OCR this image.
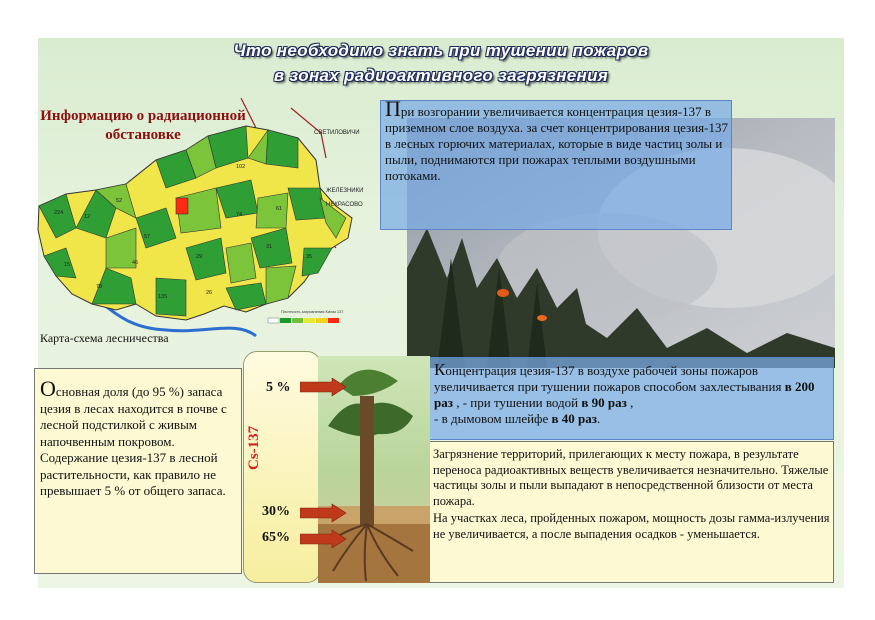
Что необходимо знать при тушении пожаров
в зонах радиоактивного загрязнения
224
12
52
57
29
74
61
31
135
78
15
35
102
26
46
СВЕТИЛОВИЧИ
ЖЕЛЕЗНИКИ
НЕКРАСОВО
Плотность загрязнения Ки/км 137
Информацию о радиационной обстановке
Карта-схема лесничества
При возгорании увеличивается концентрация цезия-137 в приземном слое воздуха. за счет концентрирования цезия-137 в лесных горючих материалах, которые в виде частиц золы и пыли, поднимаются при пожарах теплыми воздушными потоками.
Концентрация цезия-137 в воздухе рабочей зоны пожаров увеличивается при тушении пожаров способом захлестывания в 200 раз , - при тушении водой в 90 раз ,
- в дымовом шлейфе в 40 раз.
Основная доля (до 95 %) запаса цезия в лесах находится в почве с лесной подстилкой с живым напочвенным покровом. Содержание цезия-137 в лесной растительности, как правило не превышает 5 % от общего запаса.

Загрязнение территорий, прилегающих к месту пожара, в результате переноса радиоактивных веществ увеличивается незначительно. Тяжелые частицы золы и пыли выпадают в непосредственной близости от места пожара.

На участках леса, пройденных пожаром, мощность дозы гамма-излучения не увеличивается, а после выпадения осадков - уменьшается.

Cs-137
5 %
30%
65%
